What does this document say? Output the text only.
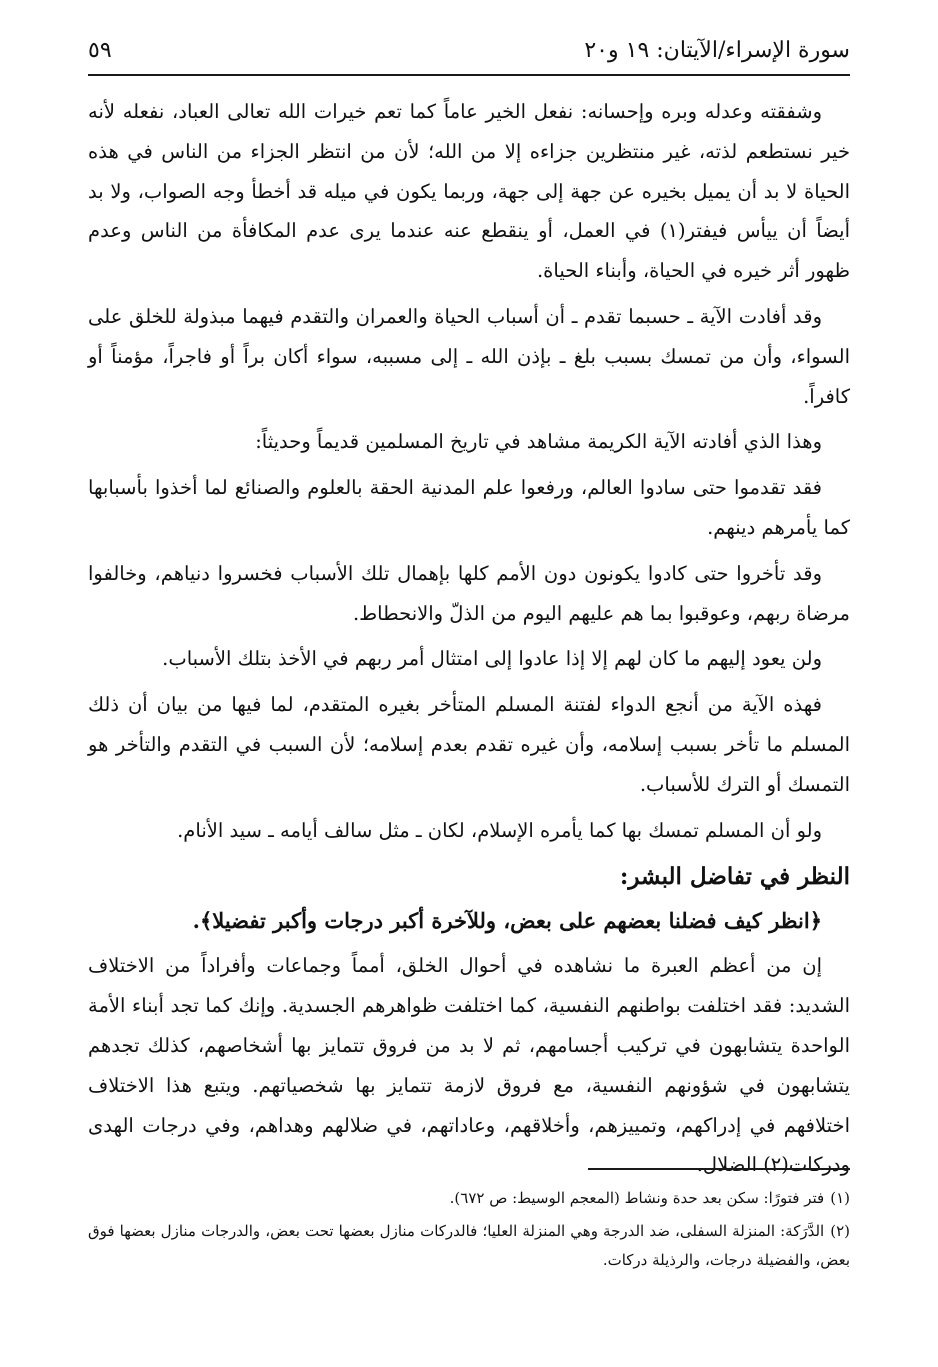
سورة الإسراء/الآيتان: ١٩ و٢٠
٥٩

وشفقته وعدله وبره وإحسانه: نفعل الخير عاماً كما تعم خيرات الله تعالى العباد، نفعله لأنه خير نستطعم لذته، غير منتظرين جزاءه إلا من الله؛ لأن من انتظر الجزاء من الناس في هذه الحياة لا بد أن يميل بخيره عن جهة إلى جهة، وربما يكون في ميله قد أخطأ وجه الصواب، ولا بد أيضاً أن ييأس فيفتر(١) في العمل، أو ينقطع عنه عندما يرى عدم المكافأة من الناس وعدم ظهور أثر خيره في الحياة، وأبناء الحياة.

وقد أفادت الآية ـ حسبما تقدم ـ أن أسباب الحياة والعمران والتقدم فيهما مبذولة للخلق على السواء، وأن من تمسك بسبب بلغ ـ بإذن الله ـ إلى مسببه، سواء أكان براً أو فاجراً، مؤمناً أو كافراً.

وهذا الذي أفادته الآية الكريمة مشاهد في تاريخ المسلمين قديماً وحديثاً:

فقد تقدموا حتى سادوا العالم، ورفعوا علم المدنية الحقة بالعلوم والصنائع لما أخذوا بأسبابها كما يأمرهم دينهم.

وقد تأخروا حتى كادوا يكونون دون الأمم كلها بإهمال تلك الأسباب فخسروا دنياهم، وخالفوا مرضاة ربهم، وعوقبوا بما هم عليهم اليوم من الذلّ والانحطاط.

ولن يعود إليهم ما كان لهم إلا إذا عادوا إلى امتثال أمر ربهم في الأخذ بتلك الأسباب.

فهذه الآية من أنجع الدواء لفتنة المسلم المتأخر بغيره المتقدم، لما فيها من بيان أن ذلك المسلم ما تأخر بسبب إسلامه، وأن غيره تقدم بعدم إسلامه؛ لأن السبب في التقدم والتأخر هو التمسك أو الترك للأسباب.

ولو أن المسلم تمسك بها كما يأمره الإسلام، لكان ـ مثل سالف أيامه ـ سيد الأنام.

النظر في تفاضل البشر:
﴿انظر كيف فضلنا بعضهم على بعض، وللآخرة أكبر درجات وأكبر تفضيلا﴾.

إن من أعظم العبرة ما نشاهده في أحوال الخلق، أمماً وجماعات وأفراداً من الاختلاف الشديد: فقد اختلفت بواطنهم النفسية، كما اختلفت ظواهرهم الجسدية. وإنك كما تجد أبناء الأمة الواحدة يتشابهون في تركيب أجسامهم، ثم لا بد من فروق تتمايز بها أشخاصهم، كذلك تجدهم يتشابهون في شؤونهم النفسية، مع فروق لازمة تتمايز بها شخصياتهم. ويتبع هذا الاختلاف اختلافهم في إدراكهم، وتمييزهم، وأخلاقهم، وعاداتهم، في ضلالهم وهداهم، وفي درجات الهدى ودركات(٢) الضلال.

(١)فتر فتورًا: سكن بعد حدة ونشاط (المعجم الوسيط: ص ٦٧٢).
(٢)الدَّرَكة: المنزلة السفلى، ضد الدرجة وهي المنزلة العليا؛ فالدركات منازل بعضها تحت بعض، والدرجات منازل بعضها فوق بعض، والفضيلة درجات، والرذيلة دركات.
